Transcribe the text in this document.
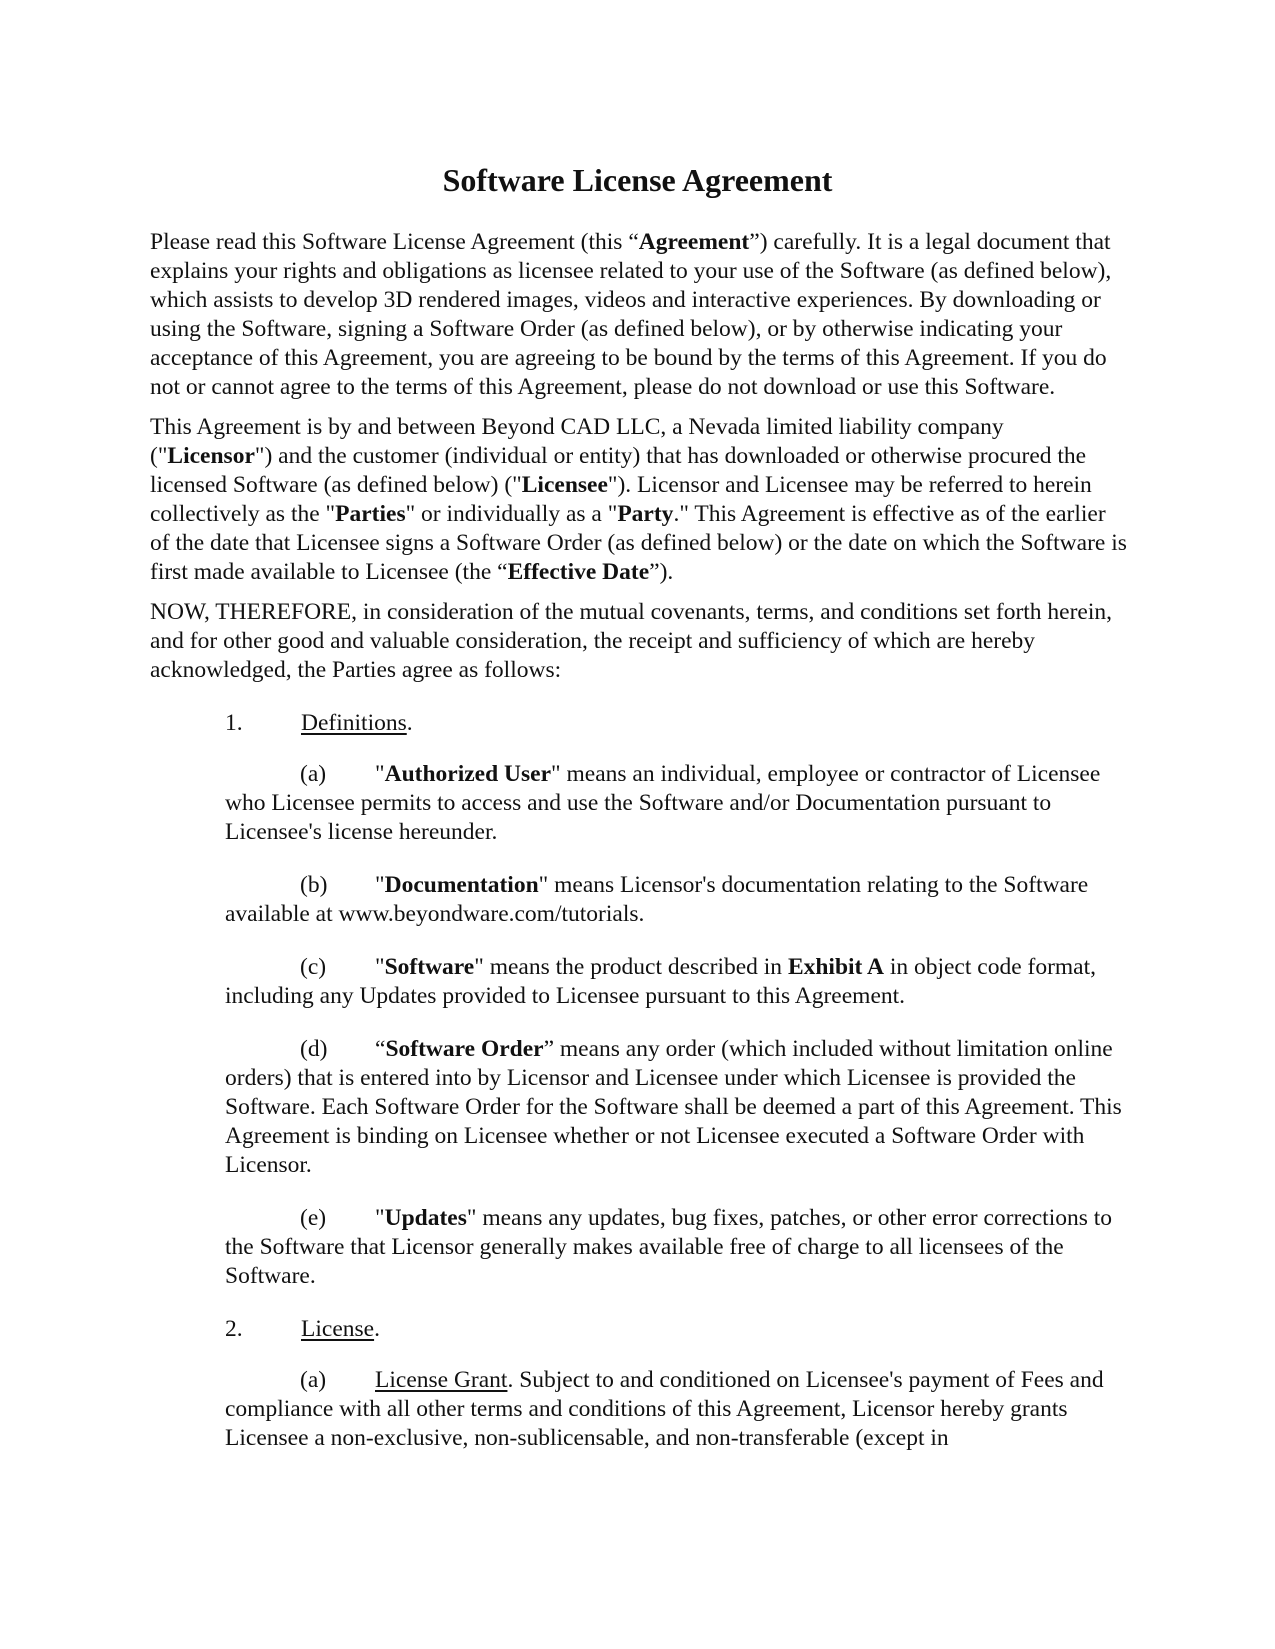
Software License Agreement

Please read this Software License Agreement (this “Agreement”) carefully. It is a legal document that explains your rights and obligations as licensee related to your use of the Software (as defined below), which assists to develop 3D rendered images, videos and interactive experiences. By downloading or using the Software, signing a Software Order (as defined below), or by otherwise indicating your acceptance of this Agreement, you are agreeing to be bound by the terms of this Agreement. If you do not or cannot agree to the terms of this Agreement, please do not download or use this Software.

This Agreement is by and between Beyond CAD LLC, a Nevada limited liability company ("Licensor") and the customer (individual or entity) that has downloaded or otherwise procured the licensed Software (as defined below) ("Licensee"). Licensor and Licensee may be referred to herein collectively as the "Parties" or individually as a "Party." This Agreement is effective as of the earlier of the date that Licensee signs a Software Order (as defined below) or the date on which the Software is first made available to Licensee (the “Effective Date”).

NOW, THEREFORE, in consideration of the mutual covenants, terms, and conditions set forth herein, and for other good and valuable consideration, the receipt and sufficiency of which are hereby acknowledged, the Parties agree as follows:

1. Definitions.

(a) "Authorized User" means an individual, employee or contractor of Licensee who Licensee permits to access and use the Software and/or Documentation pursuant to Licensee's license hereunder.

(b) "Documentation" means Licensor's documentation relating to the Software available at www.beyondware.com/tutorials.

(c) "Software" means the product described in Exhibit A in object code format, including any Updates provided to Licensee pursuant to this Agreement.

(d) “Software Order” means any order (which included without limitation online orders) that is entered into by Licensor and Licensee under which Licensee is provided the Software. Each Software Order for the Software shall be deemed a part of this Agreement. This Agreement is binding on Licensee whether or not Licensee executed a Software Order with Licensor.

(e) "Updates" means any updates, bug fixes, patches, or other error corrections to the Software that Licensor generally makes available free of charge to all licensees of the Software.

2. License.

(a) License Grant. Subject to and conditioned on Licensee's payment of Fees and compliance with all other terms and conditions of this Agreement, Licensor hereby grants Licensee a non-exclusive, non-sublicensable, and non-transferable (except in
